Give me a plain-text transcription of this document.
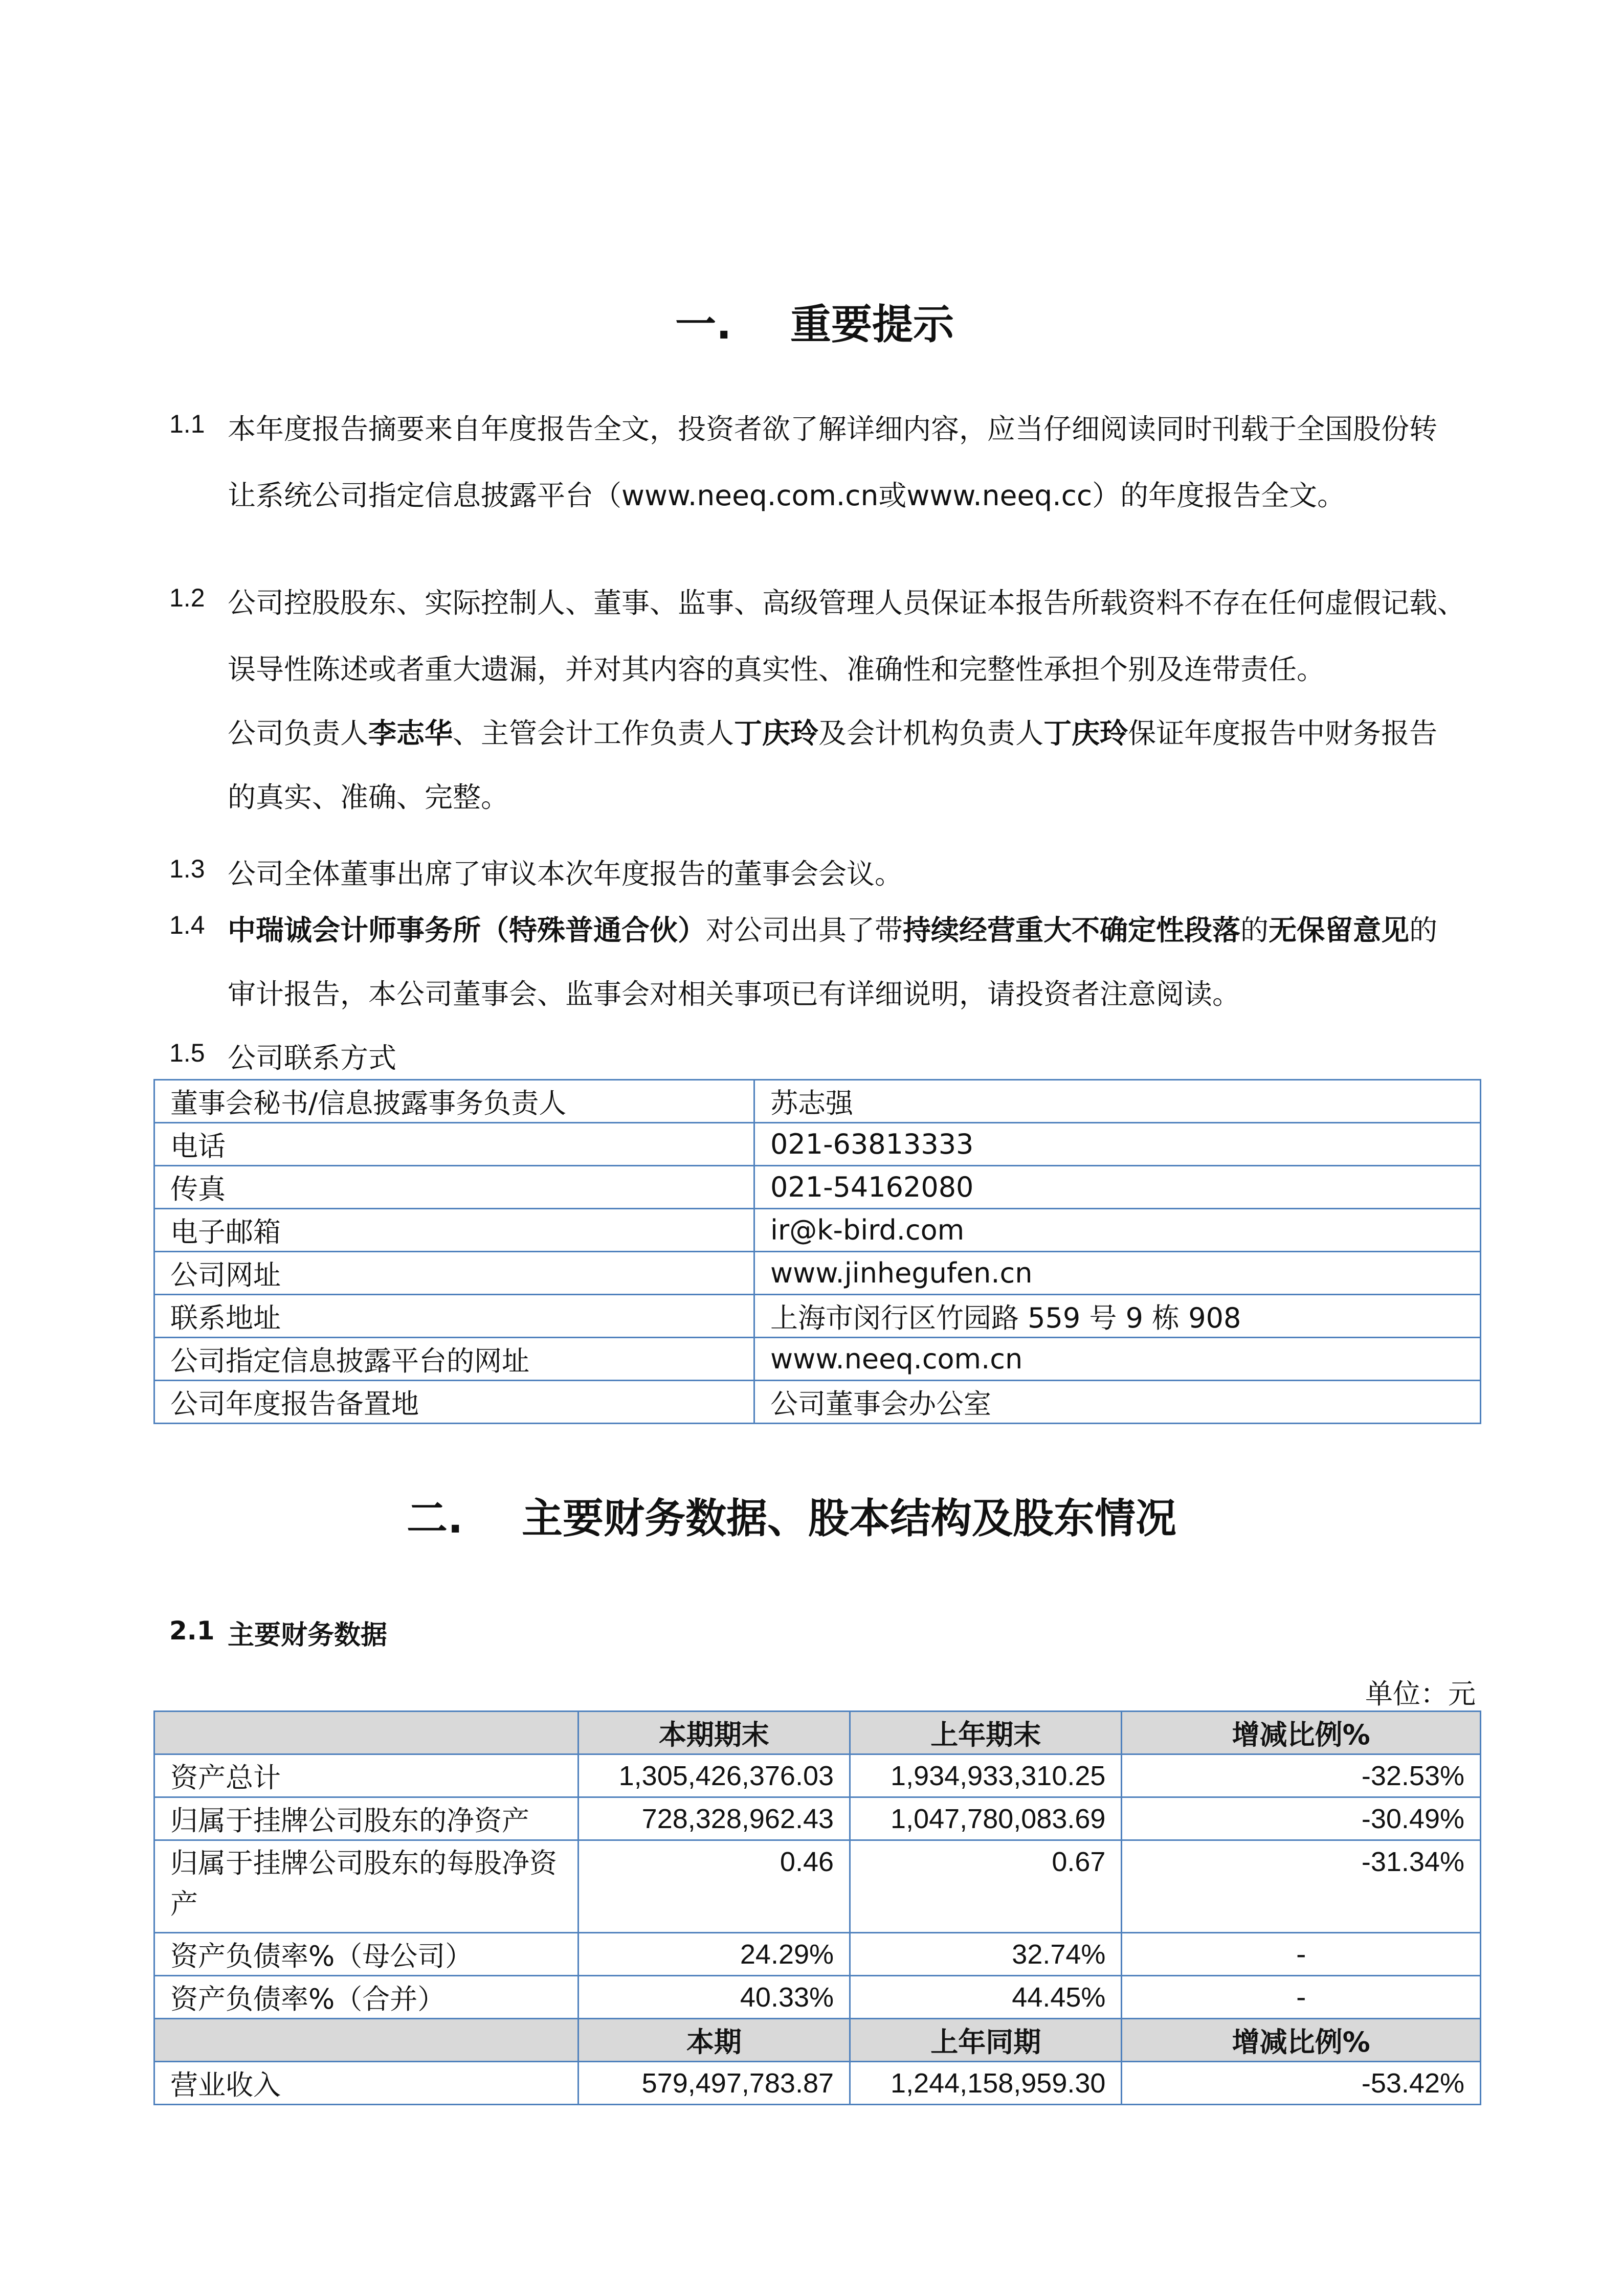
一. 重要提示
1.1 本年度报告摘要来自年度报告全文，投资者欲了解详细内容，应当仔细阅读同时刊载于全国股份转
让系统公司指定信息披露平台（www.neeq.com.cn或www.neeq.cc）的年度报告全文。
1.2 公司控股股东、实际控制人、董事、监事、高级管理人员保证本报告所载资料不存在任何虚假记载、
误导性陈述或者重大遗漏，并对其内容的真实性、准确性和完整性承担个别及连带责任。
公司负责人李志华、主管会计工作负责人丁庆玲及会计机构负责人丁庆玲保证年度报告中财务报告
的真实、准确、完整。
1.3 公司全体董事出席了审议本次年度报告的董事会会议。
1.4 中瑞诚会计师事务所（特殊普通合伙）对公司出具了带持续经营重大不确定性段落的无保留意见的
审计报告，本公司董事会、监事会对相关事项已有详细说明，请投资者注意阅读。
1.5 公司联系方式
董事会秘书/信息披露事务负责人	苏志强
电话	021-63813333
传真	021-54162080
电子邮箱	ir@k-bird.com
公司网址	www.jinhegufen.cn
联系地址	上海市闵行区竹园路 559 号 9 栋 908
公司指定信息披露平台的网址	www.neeq.com.cn
公司年度报告备置地	公司董事会办公室
二. 主要财务数据、股本结构及股东情况
2.1 主要财务数据
单位：元
	本期期末	上年期末	增减比例%
资产总计	1,305,426,376.03	1,934,933,310.25	-32.53%
归属于挂牌公司股东的净资产	728,328,962.43	1,047,780,083.69	-30.49%
归属于挂牌公司股东的每股净资产	0.46	0.67	-31.34%
资产负债率%（母公司）	24.29%	32.74%	-
资产负债率%（合并）	40.33%	44.45%	-
	本期	上年同期	增减比例%
营业收入	579,497,783.87	1,244,158,959.30	-53.42%
